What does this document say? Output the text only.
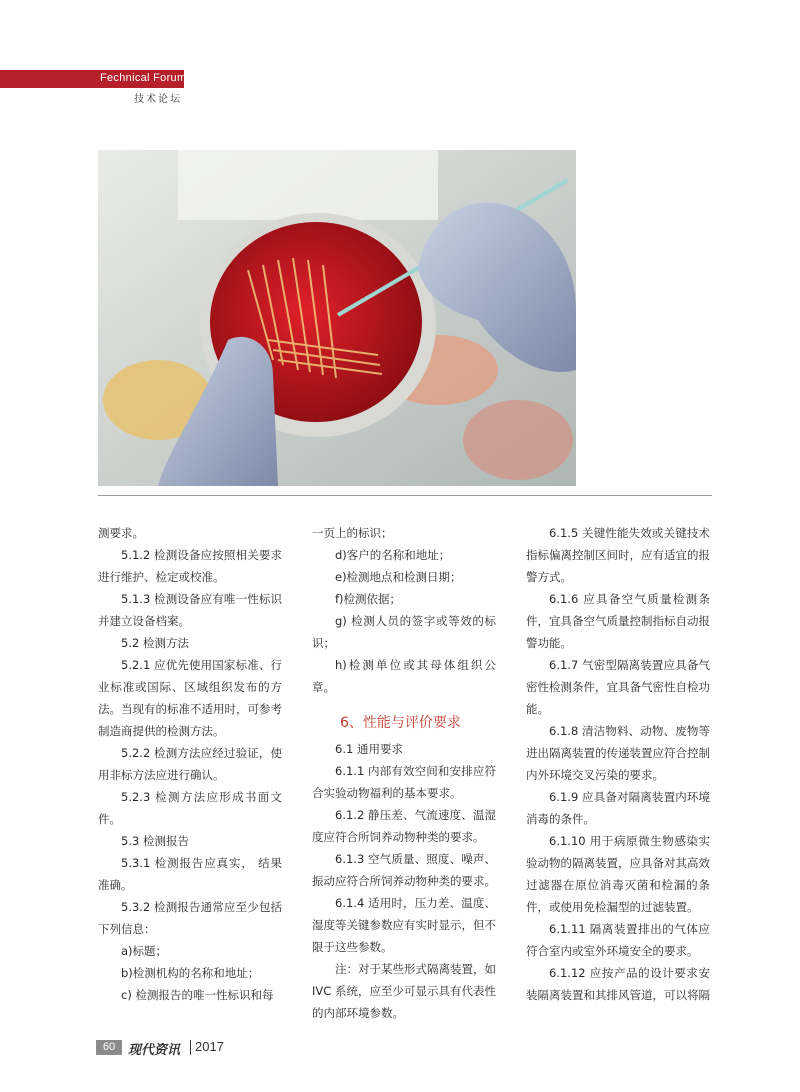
Fechnical Forum
技术论坛

测要求。

5.1.2 检测设备应按照相关要求进行维护、检定或校准。

5.1.3 检测设备应有唯一性标识并建立设备档案。

5.2 检测方法

5.2.1 应优先使用国家标准、行业标准或国际、区域组织发布的方法。当现有的标准不适用时，可参考制造商提供的检测方法。

5.2.2 检测方法应经过验证，使用非标方法应进行确认。

5.2.3 检测方法应形成书面文件。

5.3 检测报告

5.3.1 检测报告应真实， 结果准确。

5.3.2 检测报告通常应至少包括下列信息：

a)标题；

b)检测机构的名称和地址；

c) 检测报告的唯一性标识和每

一页上的标识；

d)客户的名称和地址；

e)检测地点和检测日期；

f)检测依据；

g) 检测人员的签字或等效的标识；

h)检测单位或其母体组织公章。

6、性能与评价要求

6.1 通用要求

6.1.1 内部有效空间和安排应符合实验动物福利的基本要求。

6.1.2 静压差、气流速度、温湿度应符合所饲养动物种类的要求。

6.1.3 空气质量、照度、噪声、振动应符合所饲养动物种类的要求。

6.1.4 适用时，压力差、温度、湿度等关键参数应有实时显示，但不限于这些参数。

注：对于某些形式隔离装置，如IVC 系统，应至少可显示具有代表性的内部环境参数。

6.1.5 关键性能失效或关键技术指标偏离控制区间时，应有适宜的报警方式。

6.1.6 应具备空气质量检测条件，宜具备空气质量控制指标自动报警功能。

6.1.7 气密型隔离装置应具备气密性检测条件，宜具备气密性自检功能。

6.1.8 清洁物料、动物、废物等进出隔离装置的传递装置应符合控制内外环境交叉污染的要求。

6.1.9 应具备对隔离装置内环境消毒的条件。

6.1.10 用于病原微生物感染实验动物的隔离装置，应具备对其高效过滤器在原位消毒灭菌和检漏的条件，或使用免检漏型的过滤装置。

6.1.11 隔离装置排出的气体应符合室内或室外环境安全的要求。

6.1.12 应按产品的设计要求安装隔离装置和其排风管道，可以将隔

60 现代资讯 2017
